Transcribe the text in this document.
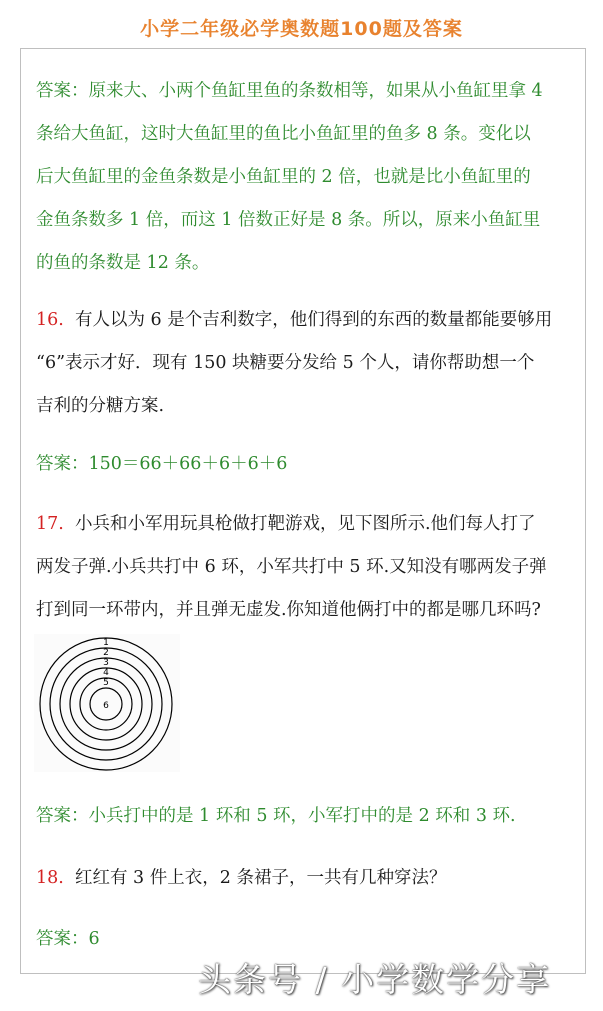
小学二年级必学奥数题100题及答案
答案：原来大、小两个鱼缸里鱼的条数相等，如果从小鱼缸里拿 4
条给大鱼缸，这时大鱼缸里的鱼比小鱼缸里的鱼多 8 条。变化以
后大鱼缸里的金鱼条数是小鱼缸里的 2 倍，也就是比小鱼缸里的
金鱼条数多 1 倍，而这 1 倍数正好是 8 条。所以，原来小鱼缸里
的鱼的条数是 12 条。
16. 有人以为 6 是个吉利数字，他们得到的东西的数量都能要够用
“6”表示才好．现有 150 块糖要分发给 5 个人，请你帮助想一个
吉利的分糖方案.
答案：150＝66＋66＋6＋6＋6
17. 小兵和小军用玩具枪做打靶游戏，见下图所示.他们每人打了
两发子弹.小兵共打中 6 环，小军共打中 5 环.又知没有哪两发子弹
打到同一环带内，并且弹无虚发.你知道他俩打中的都是哪几环吗?
1
2
3
4
5
6
答案：小兵打中的是 1 环和 5 环，小军打中的是 2 环和 3 环.
18. 红红有 3 件上衣，2 条裙子，一共有几种穿法？
答案：6
头条号 / 小学数学分享
